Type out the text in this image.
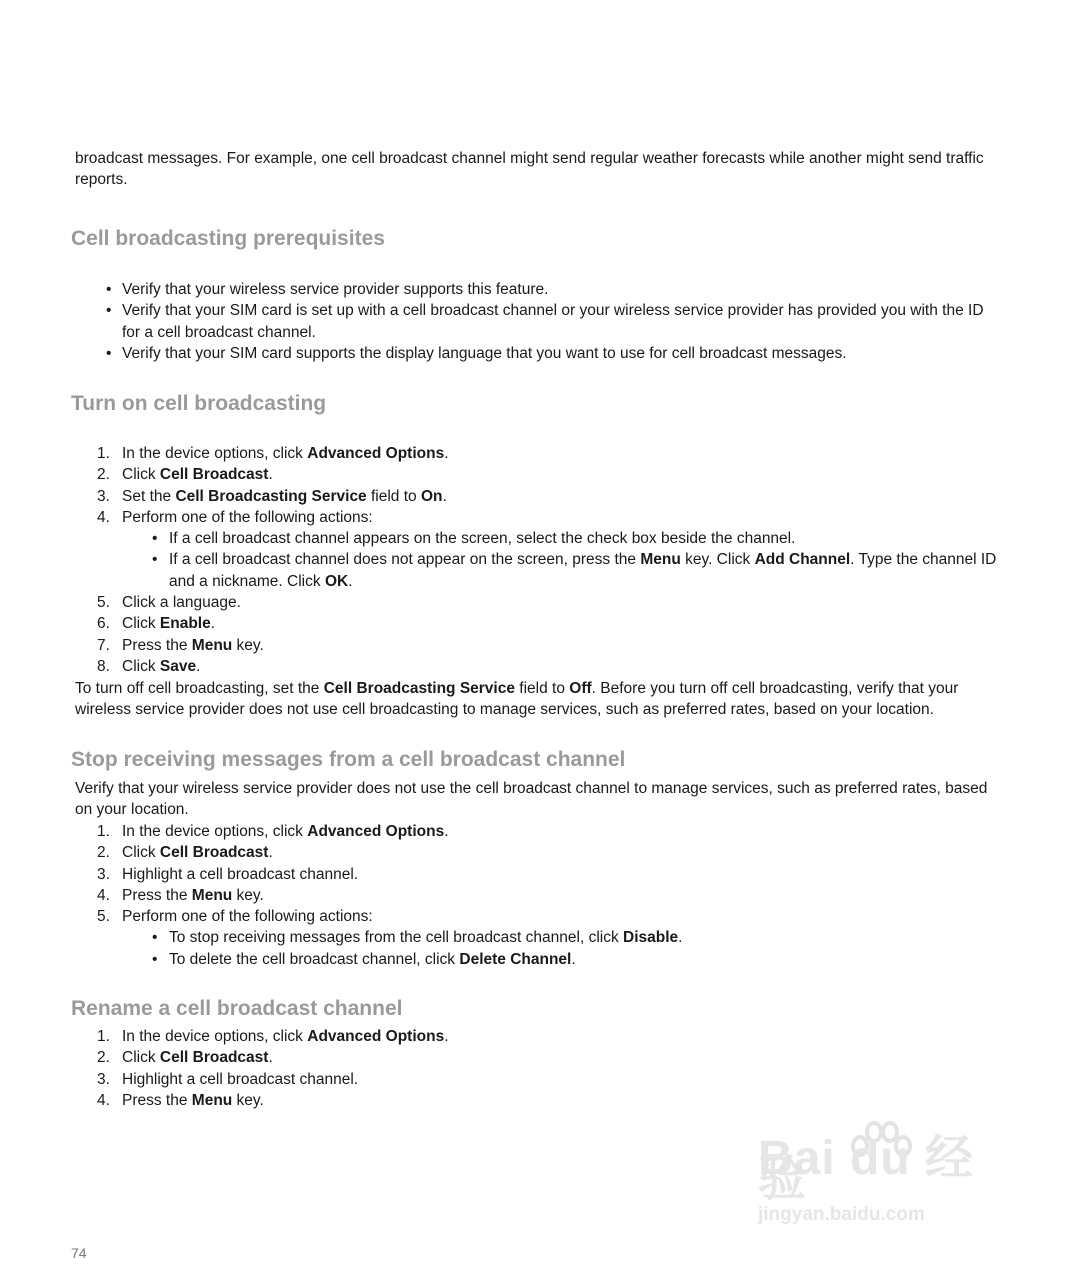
broadcast messages. For example, one cell broadcast channel might send regular weather forecasts while another might send traffic reports.

Cell broadcasting prerequisites
• Verify that your wireless service provider supports this feature.
• Verify that your SIM card is set up with a cell broadcast channel or your wireless service provider has provided you with the ID for a cell broadcast channel.
• Verify that your SIM card supports the display language that you want to use for cell broadcast messages.
Turn on cell broadcasting
1. In the device options, click Advanced Options.
2. Click Cell Broadcast.
3. Set the Cell Broadcasting Service field to On.
4. Perform one of the following actions:
• If a cell broadcast channel appears on the screen, select the check box beside the channel.
• If a cell broadcast channel does not appear on the screen, press the Menu key. Click Add Channel. Type the channel ID and a nickname. Click OK.
5. Click a language.
6. Click Enable.
7. Press the Menu key.
8. Click Save.

To turn off cell broadcasting, set the Cell Broadcasting Service field to Off. Before you turn off cell broadcasting, verify that your wireless service provider does not use cell broadcasting to manage services, such as preferred rates, based on your location.

Stop receiving messages from a cell broadcast channel

Verify that your wireless service provider does not use the cell broadcast channel to manage services, such as preferred rates, based on your location.

1. In the device options, click Advanced Options.
2. Click Cell Broadcast.
3. Highlight a cell broadcast channel.
4. Press the Menu key.
5. Perform one of the following actions:
• To stop receiving messages from the cell broadcast channel, click Disable.
• To delete the cell broadcast channel, click Delete Channel.
Rename a cell broadcast channel
1. In the device options, click Advanced Options.
2. Click Cell Broadcast.
3. Highlight a cell broadcast channel.
4. Press the Menu key.
Bai du 经验
jingyan.baidu.com
74
